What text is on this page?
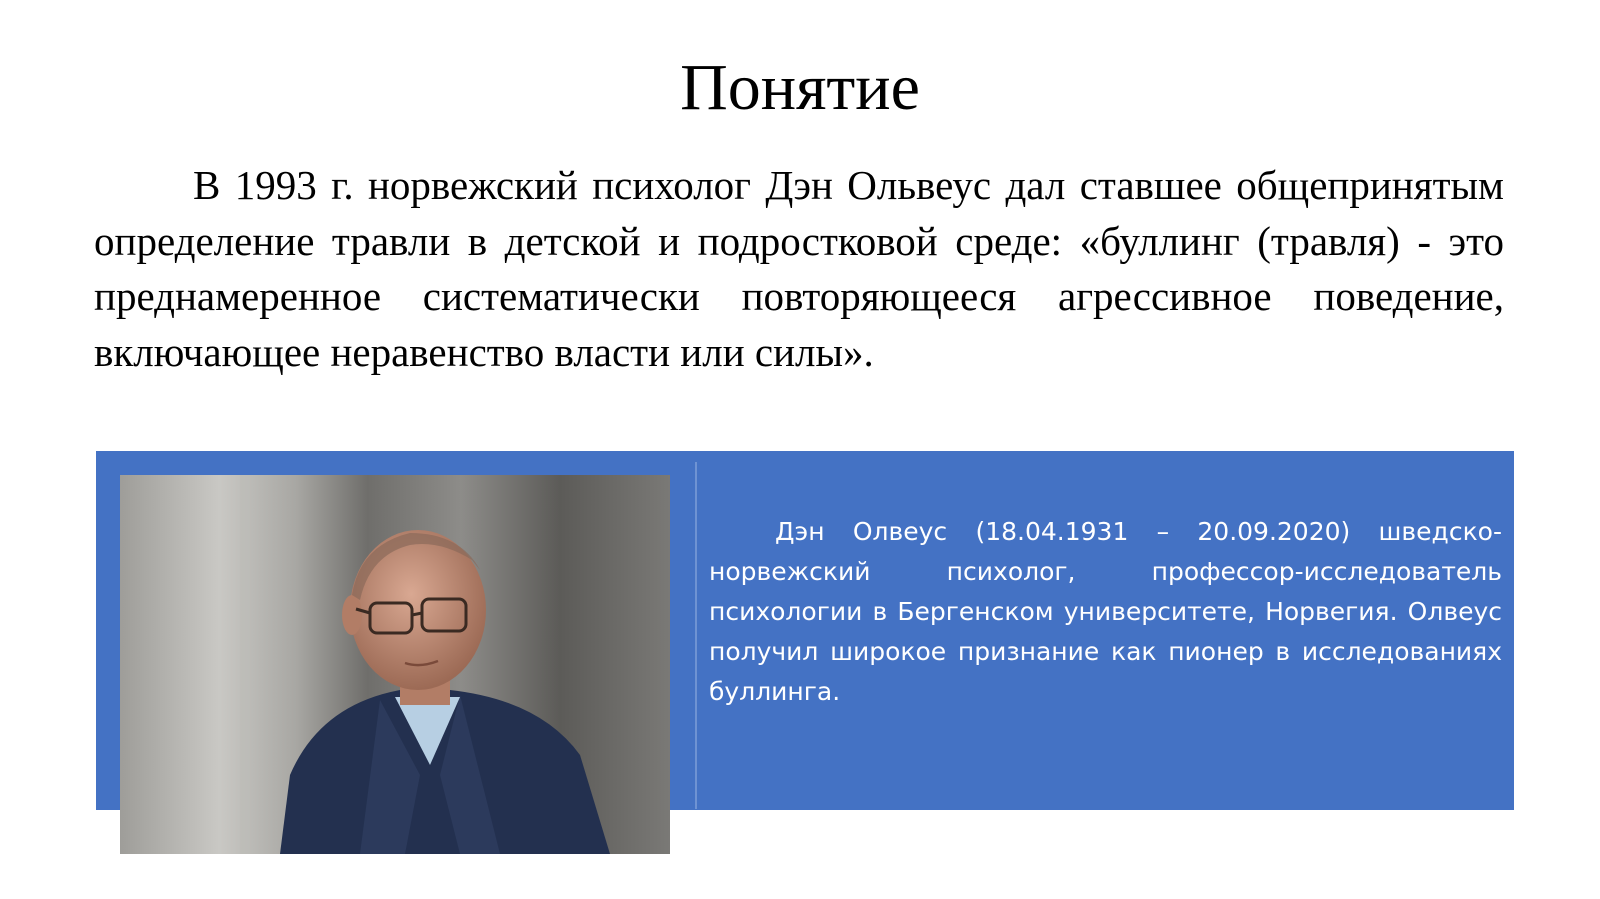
Понятие

В 1993 г. норвежский психолог Дэн Ольвеус дал ставшее общепринятым определение травли в детской и подростковой среде: «буллинг (травля) - это преднамеренное систематически повторяющееся агрессивное поведение, включающее неравенство власти или силы».

Дэн Олвеус (18.04.1931 – 20.09.2020) шведско-норвежский психолог, профессор-исследователь психологии в Бергенском университете, Норвегия. Олвеус получил широкое признание как пионер в исследованиях буллинга.
